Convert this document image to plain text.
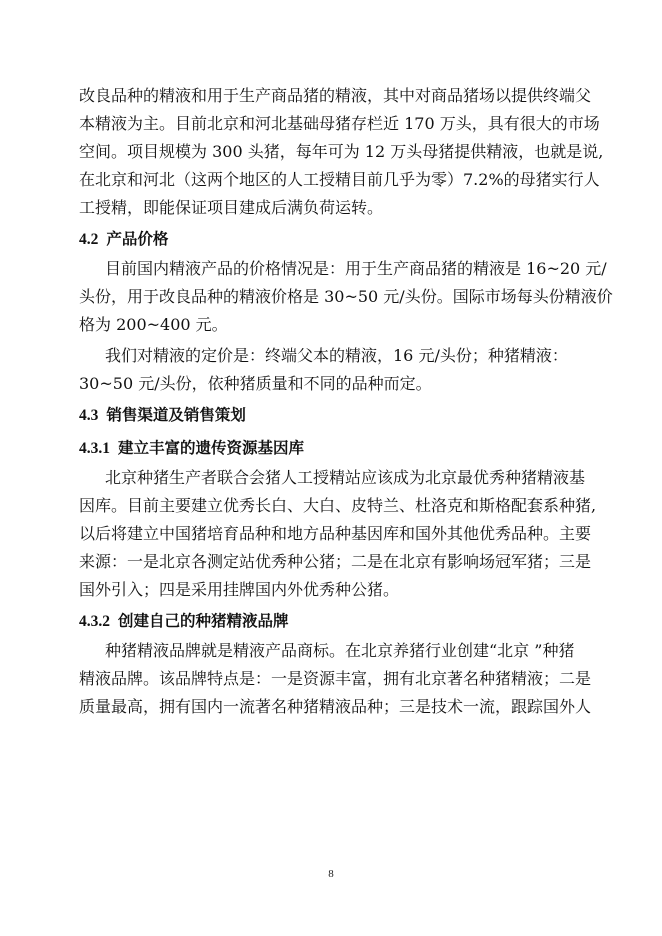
改良品种的精液和用于生产商品猪的精液，其中对商品猪场以提供终端父
本精液为主。目前北京和河北基础母猪存栏近 170 万头，具有很大的市场
空间。项目规模为 300 头猪，每年可为 12 万头母猪提供精液，也就是说,
在北京和河北（这两个地区的人工授精目前几乎为零）7.2%的母猪实行人
工授精，即能保证项目建成后满负荷运转。
4.2 产品价格
目前国内精液产品的价格情况是：用于生产商品猪的精液是 16~20 元/
头份，用于改良品种的精液价格是 30~50 元/头份。国际市场每头份精液价
格为 200~400 元。
我们对精液的定价是：终端父本的精液，16 元/头份；种猪精液：
30~50 元/头份，依种猪质量和不同的品种而定。
4.3 销售渠道及销售策划
4.3.1 建立丰富的遗传资源基因库
北京种猪生产者联合会猪人工授精站应该成为北京最优秀种猪精液基
因库。目前主要建立优秀长白、大白、皮特兰、杜洛克和斯格配套系种猪,
以后将建立中国猪培育品种和地方品种基因库和国外其他优秀品种。主要
来源：一是北京各测定站优秀种公猪；二是在北京有影响场冠军猪；三是
国外引入；四是采用挂牌国内外优秀种公猪。
4.3.2 创建自己的种猪精液品牌
种猪精液品牌就是精液产品商标。在北京养猪行业创建“北京 ”种猪
精液品牌。该品牌特点是：一是资源丰富，拥有北京著名种猪精液；二是
质量最高，拥有国内一流著名种猪精液品种；三是技术一流，跟踪国外人
8
